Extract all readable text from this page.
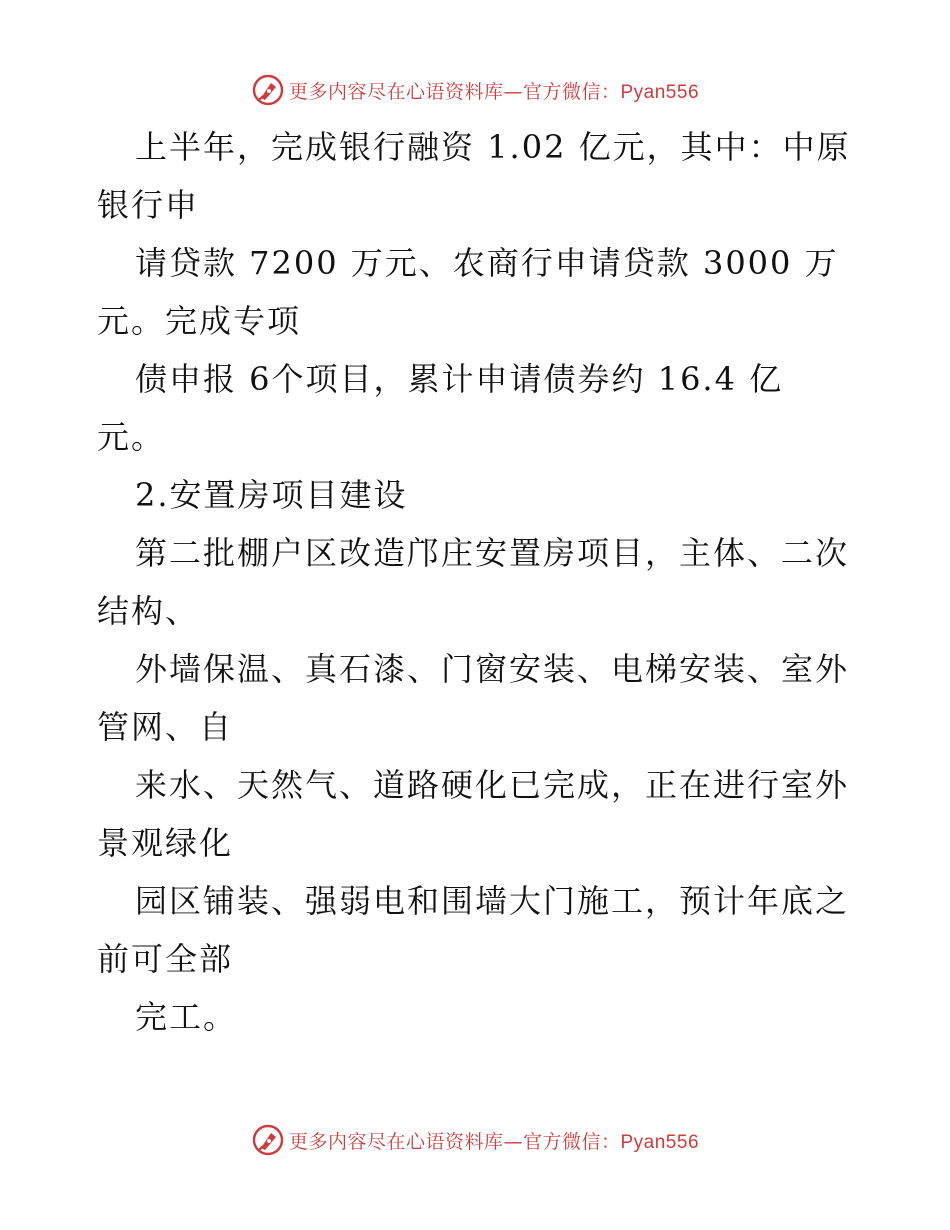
更多内容尽在心语资料库— 官方微信：Pyan556
上半年，完成银行融资 1.02 亿元，其中：中原
银行申
请贷款 7200 万元、农商行申请贷款 3000 万
元。完成专项
债申报 6个项目，累计申请债券约 16.4 亿
元。
2.安置房项目建设
第二批棚户区改造邝庄安置房项目，主体、二次
结构、
外墙保温、真石漆、门窗安装、电梯安装、室外
管网、自
来水、天然气、道路硬化已完成，正在进行室外
景观绿化
园区铺装、强弱电和围墙大门施工，预计年底之
前可全部
完工。
更多内容尽在心语资料库— 官方微信：Pyan556
